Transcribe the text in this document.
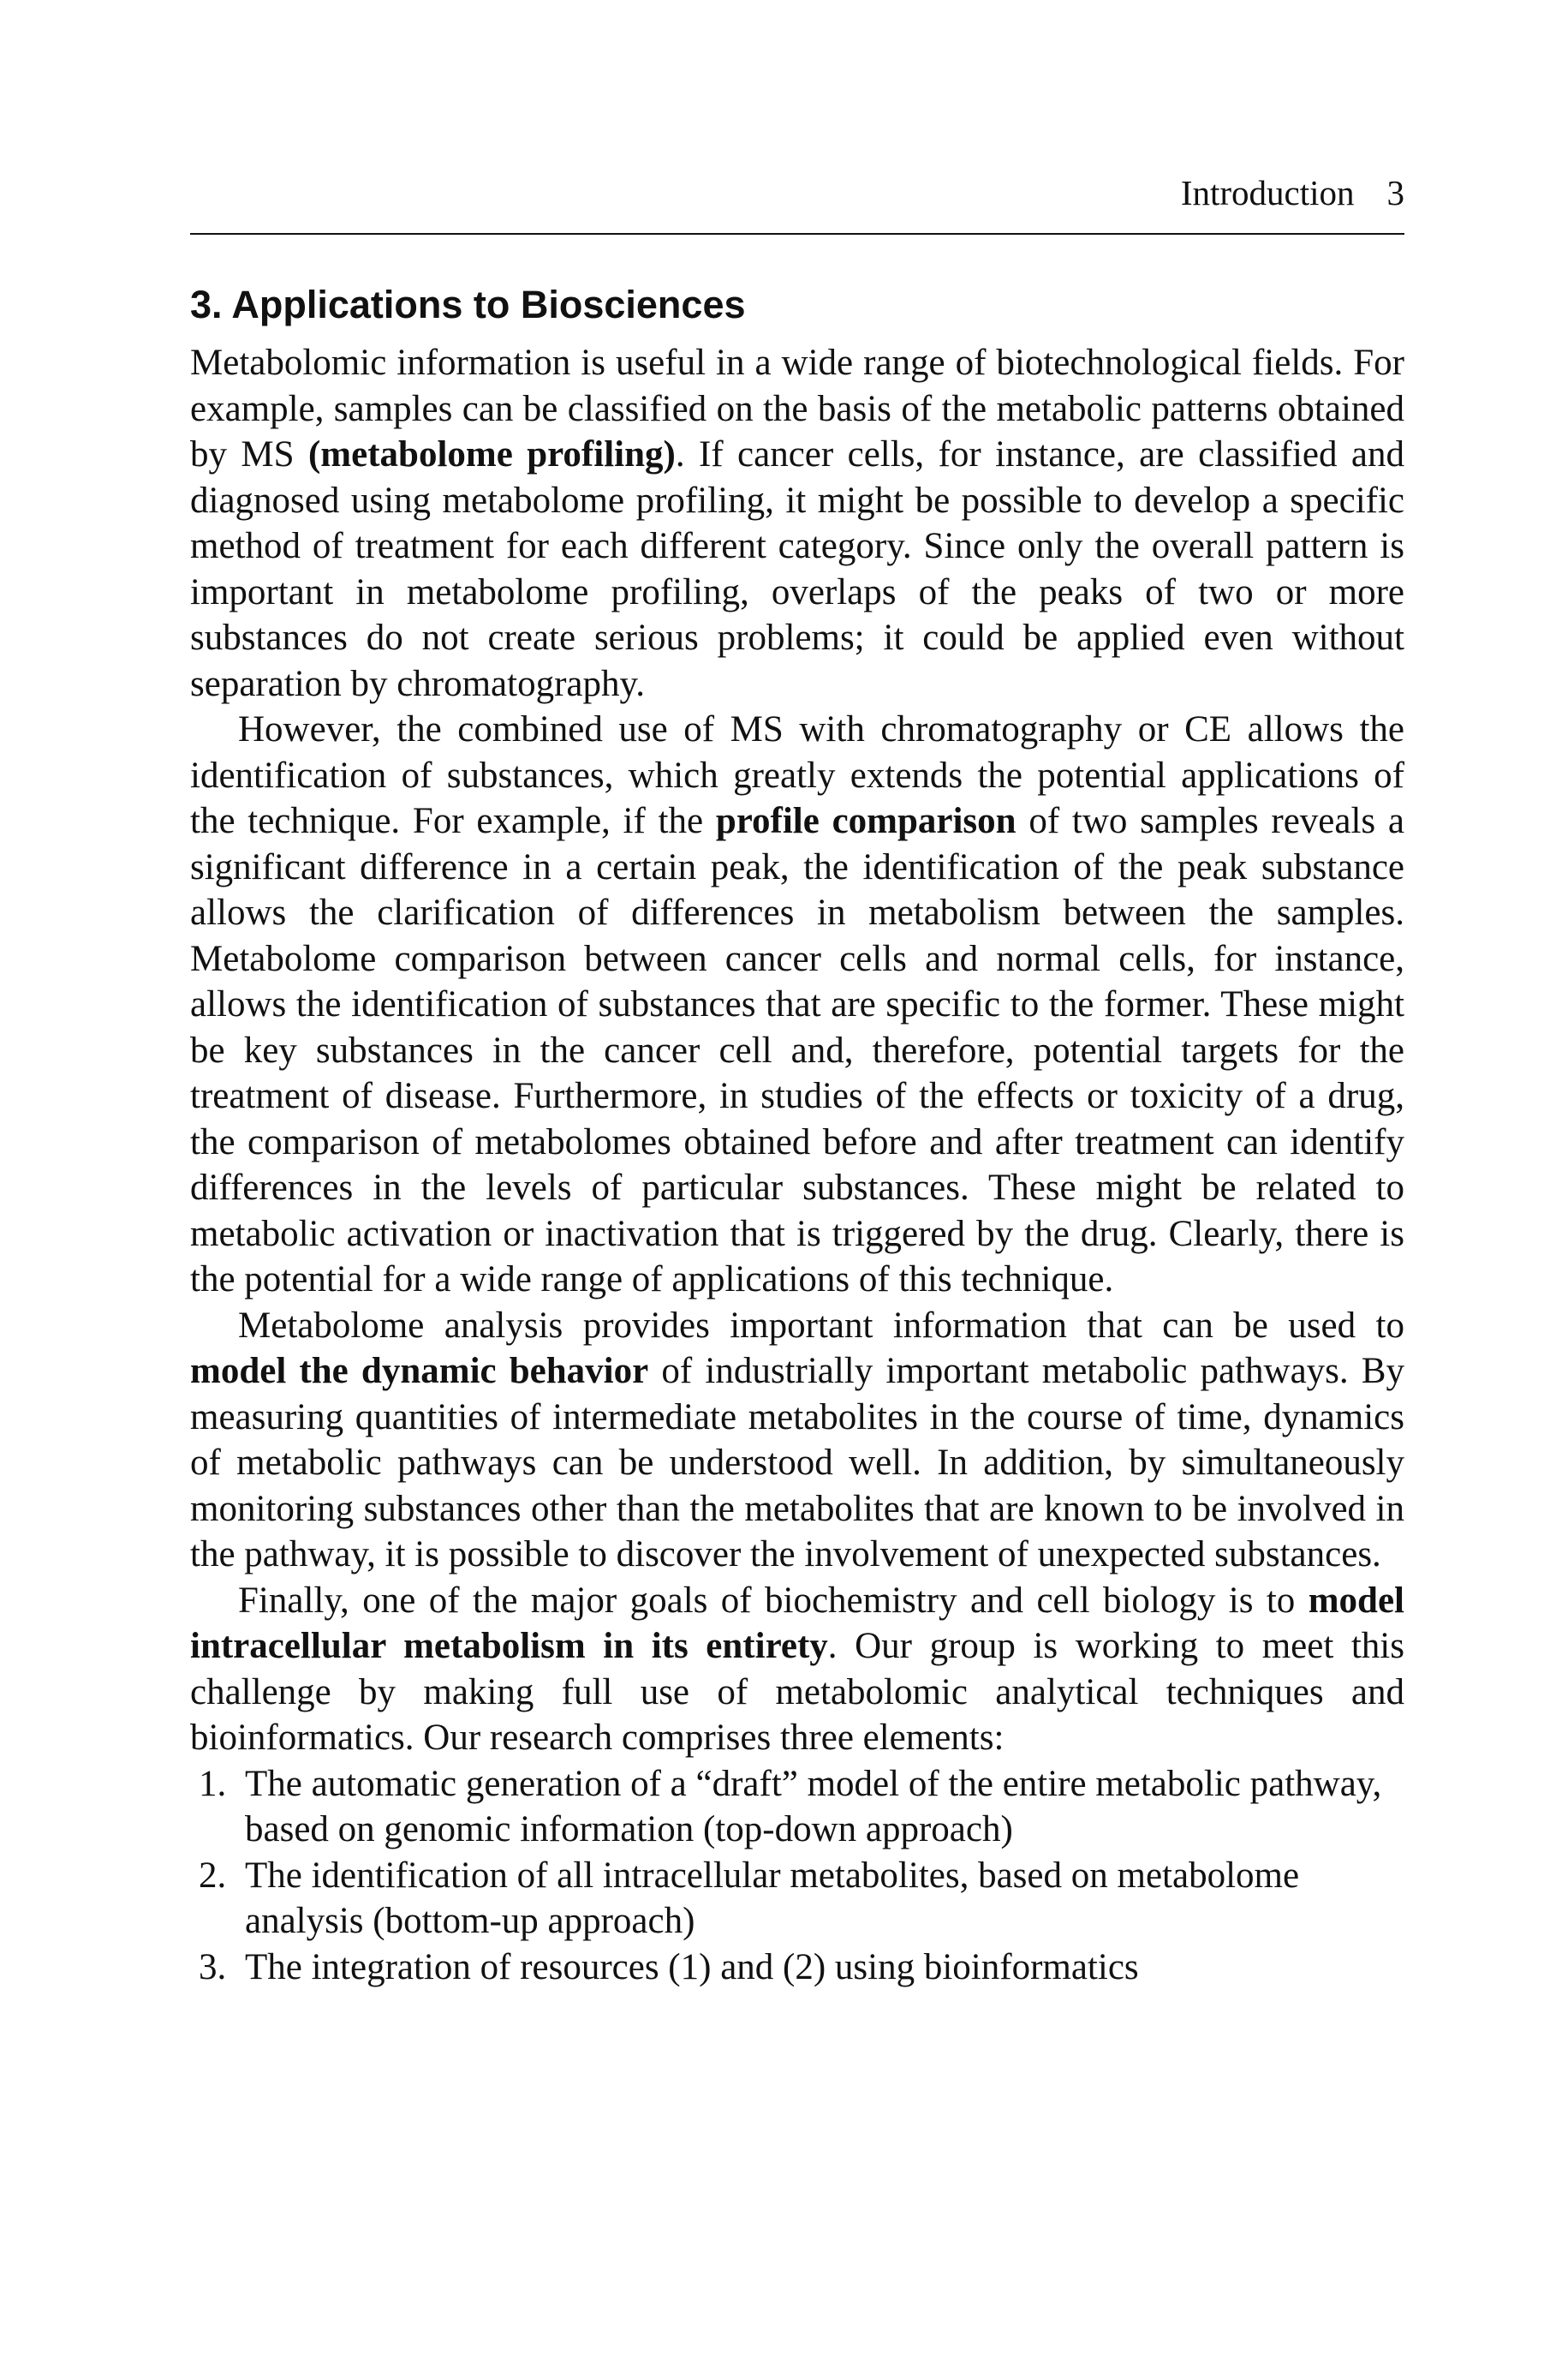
Introduction 3
3. Applications to Biosciences

Metabolomic information is useful in a wide range of biotechnological fields. For example, samples can be classified on the basis of the metabolic patterns obtained by MS (metabolome profiling). If cancer cells, for instance, are classified and diagnosed using metabolome profiling, it might be possible to develop a specific method of treatment for each different category. Since only the overall pattern is important in metabolome profiling, overlaps of the peaks of two or more substances do not create serious problems; it could be applied even without separation by chromatography.

However, the combined use of MS with chromatography or CE allows the identification of substances, which greatly extends the potential applications of the technique. For example, if the profile comparison of two samples reveals a significant difference in a certain peak, the identification of the peak substance allows the clarification of differences in metabolism between the samples. Metabolome comparison between cancer cells and normal cells, for instance, allows the identification of substances that are specific to the former. These might be key substances in the cancer cell and, therefore, potential targets for the treatment of disease. Furthermore, in studies of the effects or toxicity of a drug, the comparison of metabolomes obtained before and after treatment can identify differences in the levels of particular substances. These might be related to metabolic activation or inactivation that is triggered by the drug. Clearly, there is the potential for a wide range of applications of this technique.

Metabolome analysis provides important information that can be used to model the dynamic behavior of industrially important metabolic pathways. By measuring quantities of intermediate metabolites in the course of time, dynamics of metabolic pathways can be understood well. In addition, by simultaneously monitoring substances other than the metabolites that are known to be involved in the pathway, it is possible to discover the involvement of unexpected substances.

Finally, one of the major goals of biochemistry and cell biology is to model intracellular metabolism in its entirety. Our group is working to meet this challenge by making full use of metabolomic analytical techniques and bioinformatics. Our research comprises three elements:

1. The automatic generation of a “draft” model of the entire metabolic pathway, based on genomic information (top-down approach)
2. The identification of all intracellular metabolites, based on metabolome analysis (bottom-up approach)
3. The integration of resources (1) and (2) using bioinformatics
